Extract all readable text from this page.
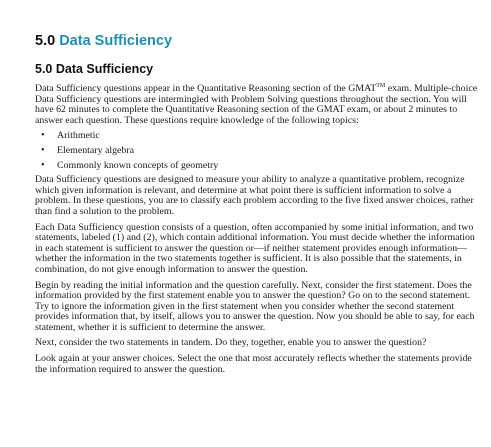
5.0 Data Sufficiency
5.0 Data Sufficiency

Data Sufficiency questions appear in the Quantitative Reasoning section of the GMAT™ exam. Multiple-choice Data Sufficiency questions are intermingled with Problem Solving questions throughout the section. You will have 62 minutes to complete the Quantitative Reasoning section of the GMAT exam, or about 2 minutes to answer each question. These questions require knowledge of the following topics:

• Arithmetic
• Elementary algebra
• Commonly known concepts of geometry

Data Sufficiency questions are designed to measure your ability to analyze a quantitative problem, recognize which given information is relevant, and determine at what point there is sufficient information to solve a problem. In these questions, you are to classify each problem according to the five fixed answer choices, rather than find a solution to the problem.

Each Data Sufficiency question consists of a question, often accompanied by some initial information, and two statements, labeled (1) and (2), which contain additional information. You must decide whether the information in each statement is sufficient to answer the question or—if neither statement provides enough information—whether the information in the two statements together is sufficient. It is also possible that the statements, in combination, do not give enough information to answer the question.

Begin by reading the initial information and the question carefully. Next, consider the first statement. Does the information provided by the first statement enable you to answer the question? Go on to the second statement. Try to ignore the information given in the first statement when you consider whether the second statement provides information that, by itself, allows you to answer the question. Now you should be able to say, for each statement, whether it is sufficient to determine the answer.

Next, consider the two statements in tandem. Do they, together, enable you to answer the question?

Look again at your answer choices. Select the one that most accurately reflects whether the statements provide the information required to answer the question.
